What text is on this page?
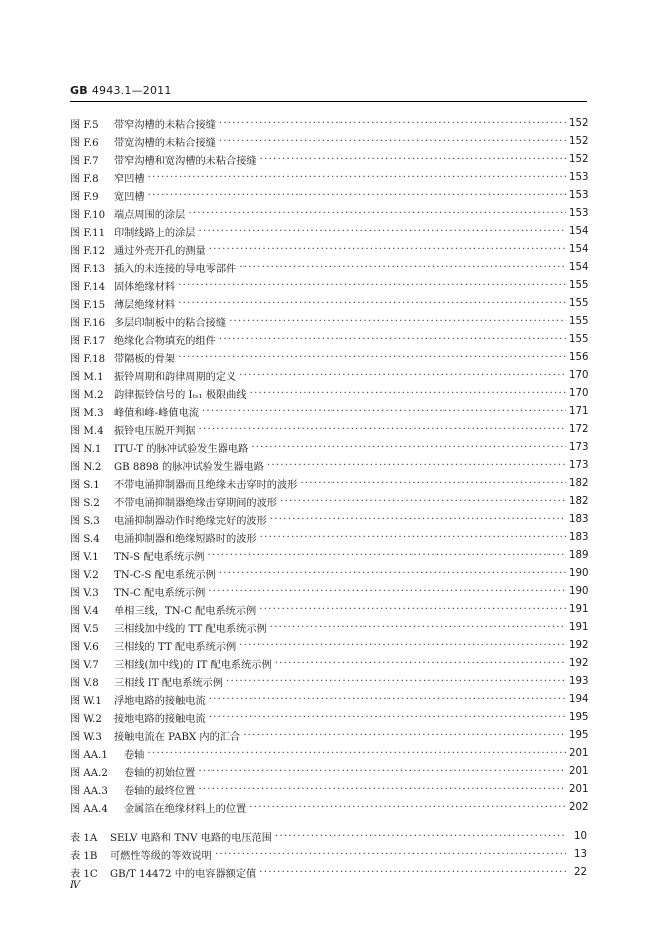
GB 4943.1—2011
图 F.5	带窄沟槽的未粘合接缝 · · ·	152
图 F.6	带宽沟槽的未粘合接缝 · · ·	152
图 F.7	带窄沟槽和宽沟槽的未粘合接缝 · · ·	152
图 F.8	窄凹槽 · · ·	153
图 F.9	宽凹槽 · · ·	153
图 F.10 端点周围的涂层 · · ·	153
图 F.11 印制线路上的涂层 · · ·	154
图 F.12 通过外壳开孔的测量 · · ·	154
图 F.13 插入的未连接的导电零部件 · · ·	154
图 F.14 固体绝缘材料 · · ·	155
图 F.15 薄层绝缘材料 · · ·	155
图 F.16 多层印制板中的粘合接缝 · · ·	155
图 F.17 绝缘化合物填充的组件 · · ·	155
图 F.18 带隔板的骨架 · · ·	156
图 M.1	振铃周期和韵律周期的定义 · · ·	170
图 M.2	韵律振铃信号的 Iₜₛ₁ 极限曲线 · · ·	170
图 M.3	峰值和峰-峰值电流 · · ·	171
图 M.4	振铃电压脱开判据 · · ·	172
图 N.1	ITU-T 的脉冲试验发生器电路 · · ·	173
图 N.2	GB 8898 的脉冲试验发生器电路 · · ·	173
图 S.1	不带电涌抑制器而且绝缘未击穿时的波形 · · ·	182
图 S.2	不带电涌抑制器绝缘击穿期间的波形 · · ·	182
图 S.3	电涌抑制器动作时绝缘完好的波形 · · ·	183
图 S.4	电涌抑制器和绝缘短路时的波形 · · ·	183
图 V.1	TN-S 配电系统示例 · · ·	189
图 V.2	TN-C-S 配电系统示例 · · ·	190
图 V.3	TN-C 配电系统示例 · · ·	190
图 V.4	单相三线，TN-C 配电系统示例 · · ·	191
图 V.5	三相线加中线的 TT 配电系统示例 · · ·	191
图 V.6	三相线的 TT 配电系统示例 · · ·	192
图 V.7	三相线(加中线)的 IT 配电系统示例 · · ·	192
图 V.8	三相线 IT 配电系统示例 · · ·	193
图 W.1	浮地电路的接触电流 · · ·	194
图 W.2	接地电路的接触电流 · · ·	195
图 W.3	接触电流在 PABX 内的汇合 · · ·	195
图 AA.1	卷轴 · · ·	201
图 AA.2	卷轴的初始位置 · · ·	201
图 AA.3	卷轴的最终位置 · · ·	201
图 AA.4	金属箔在绝缘材料上的位置 · · ·	202
表 1A	SELV 电路和 TNV 电路的电压范围 · · ·	10
表 1B	可燃性等级的等效说明 · · ·	13
表 1C	GB/T 14472 中的电容器额定值 · · ·	22
Ⅳ
